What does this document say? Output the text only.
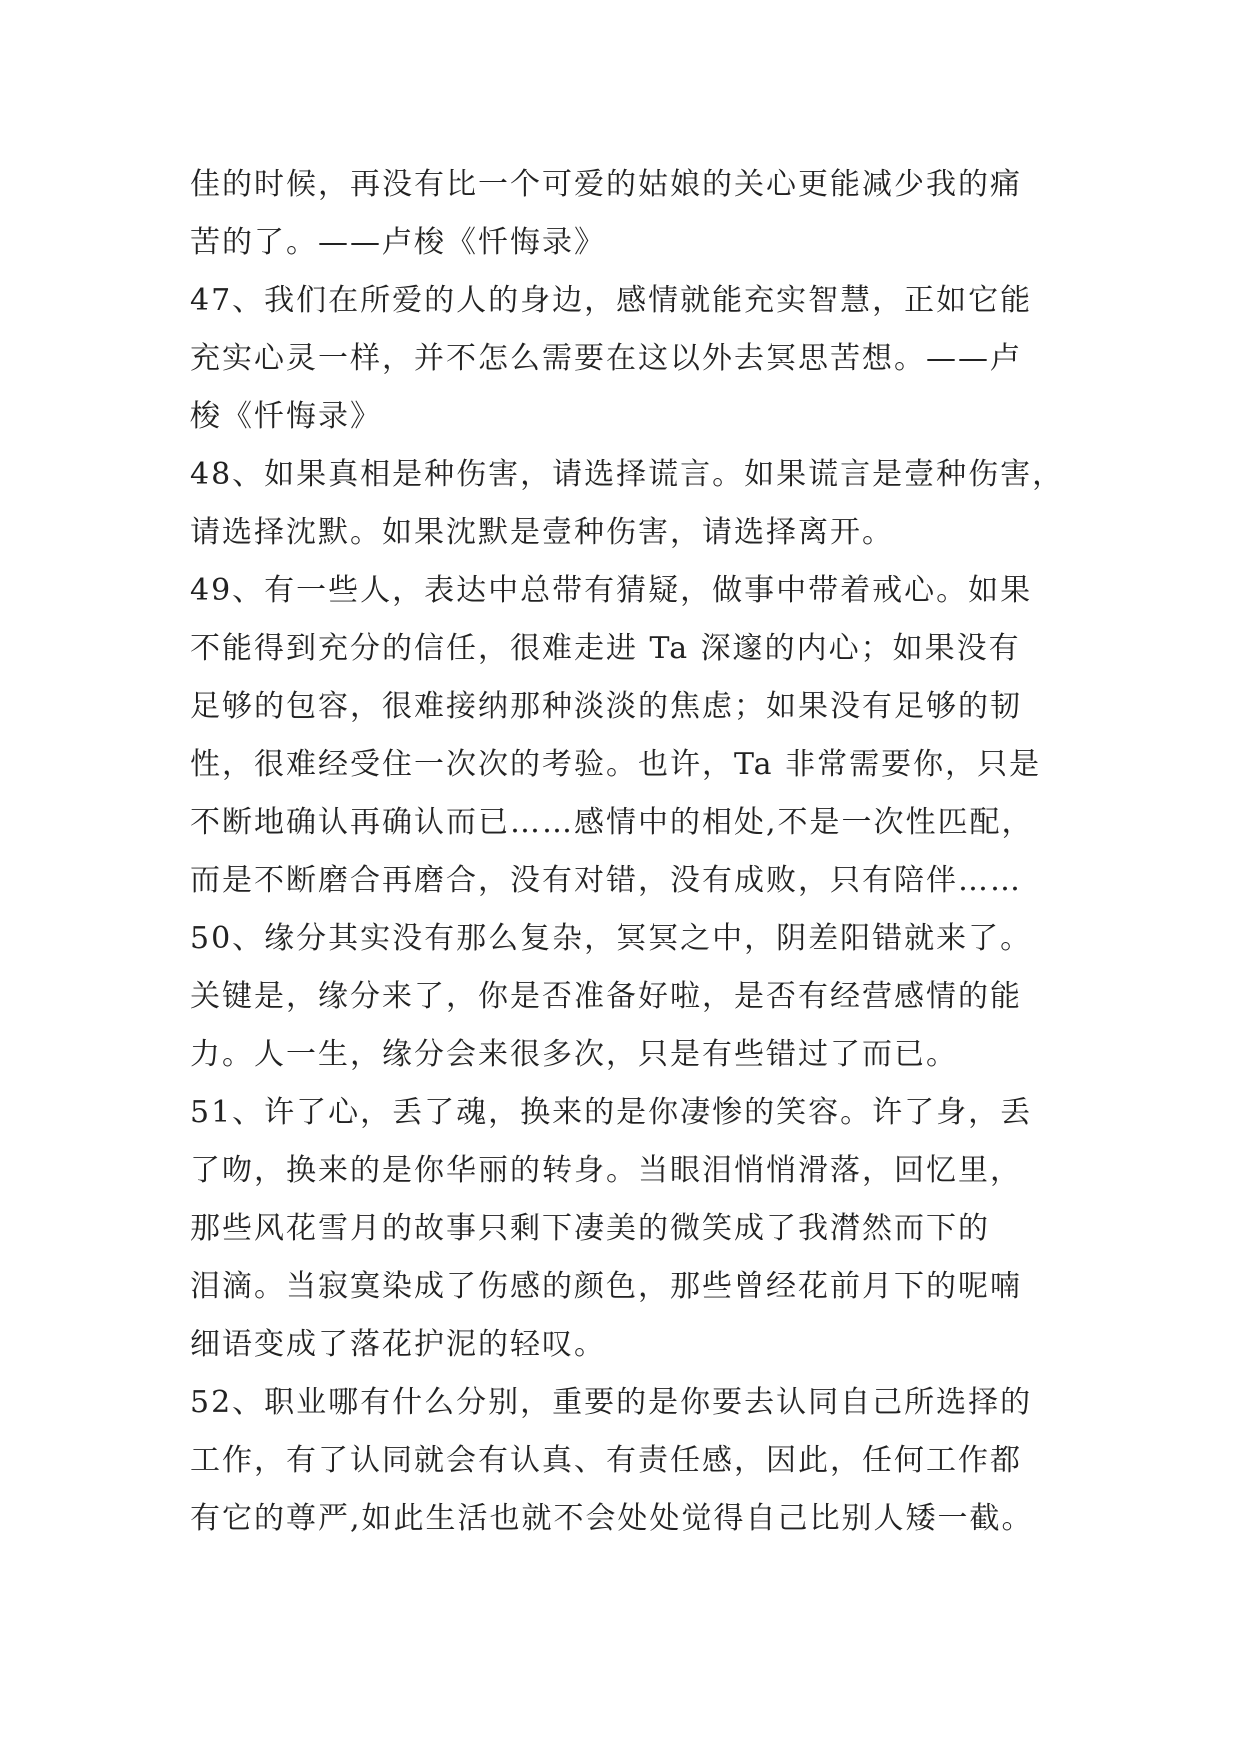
佳的时候，再没有比一个可爱的姑娘的关心更能减少我的痛
苦的了。——卢梭《忏悔录》
47、我们在所爱的人的身边，感情就能充实智慧，正如它能
充实心灵一样，并不怎么需要在这以外去冥思苦想。——卢
梭《忏悔录》
48、如果真相是种伤害，请选择谎言。如果谎言是壹种伤害，
请选择沈默。如果沈默是壹种伤害，请选择离开。
49、有一些人，表达中总带有猜疑，做事中带着戒心。如果
不能得到充分的信任，很难走进 Ta 深邃的内心；如果没有
足够的包容，很难接纳那种淡淡的焦虑；如果没有足够的韧
性，很难经受住一次次的考验。也许，Ta 非常需要你，只是
不断地确认再确认而已……感情中的相处,不是一次性匹配，
而是不断磨合再磨合，没有对错，没有成败，只有陪伴……
50、缘分其实没有那么复杂，冥冥之中，阴差阳错就来了。
关键是，缘分来了，你是否准备好啦，是否有经营感情的能
力。人一生，缘分会来很多次，只是有些错过了而已。
51、许了心，丢了魂，换来的是你凄惨的笑容。许了身，丢
了吻，换来的是你华丽的转身。当眼泪悄悄滑落，回忆里，
那些风花雪月的故事只剩下凄美的微笑成了我潸然而下的
泪滴。当寂寞染成了伤感的颜色，那些曾经花前月下的呢喃
细语变成了落花护泥的轻叹。
52、职业哪有什么分别，重要的是你要去认同自己所选择的
工作，有了认同就会有认真、有责任感，因此，任何工作都
有它的尊严,如此生活也就不会处处觉得自己比别人矮一截。
